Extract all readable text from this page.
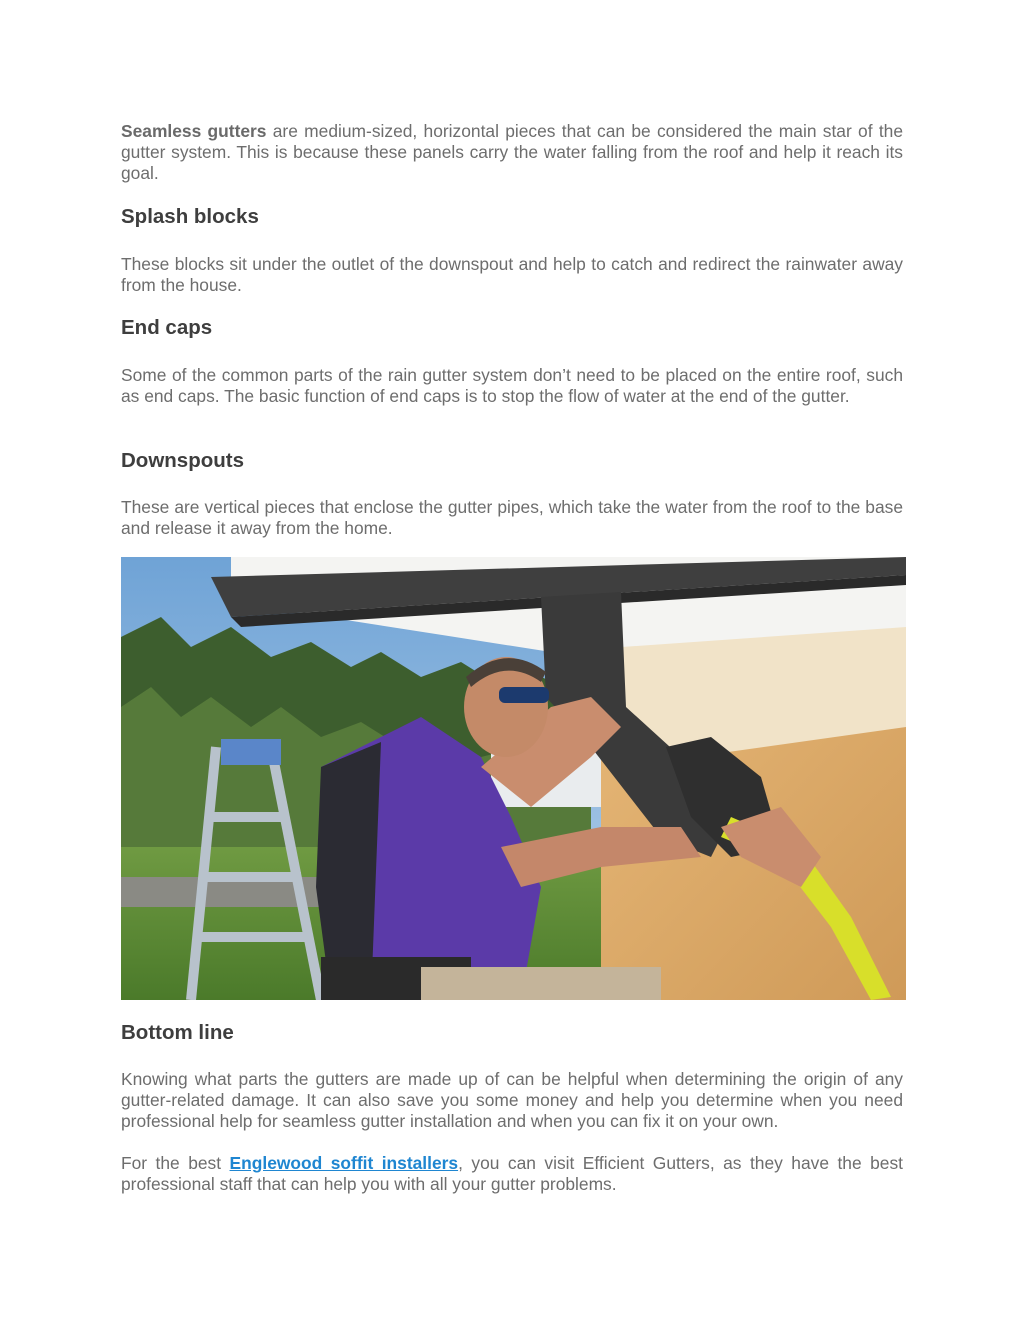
Seamless gutters are medium-sized, horizontal pieces that can be considered the main star of the gutter system. This is because these panels carry the water falling from the roof and help it reach its goal.

Splash blocks

These blocks sit under the outlet of the downspout and help to catch and redirect the rainwater away from the house.

End caps

Some of the common parts of the rain gutter system don’t need to be placed on the entire roof, such as end caps. The basic function of end caps is to stop the flow of water at the end of the gutter.

Downspouts

These are vertical pieces that enclose the gutter pipes, which take the water from the roof to the base and release it away from the home.

Bottom line

Knowing what parts the gutters are made up of can be helpful when determining the origin of any gutter-related damage. It can also save you some money and help you determine when you need professional help for seamless gutter installation and when you can fix it on your own.

For the best Englewood soffit installers, you can visit Efficient Gutters, as they have the best professional staff that can help you with all your gutter problems.
